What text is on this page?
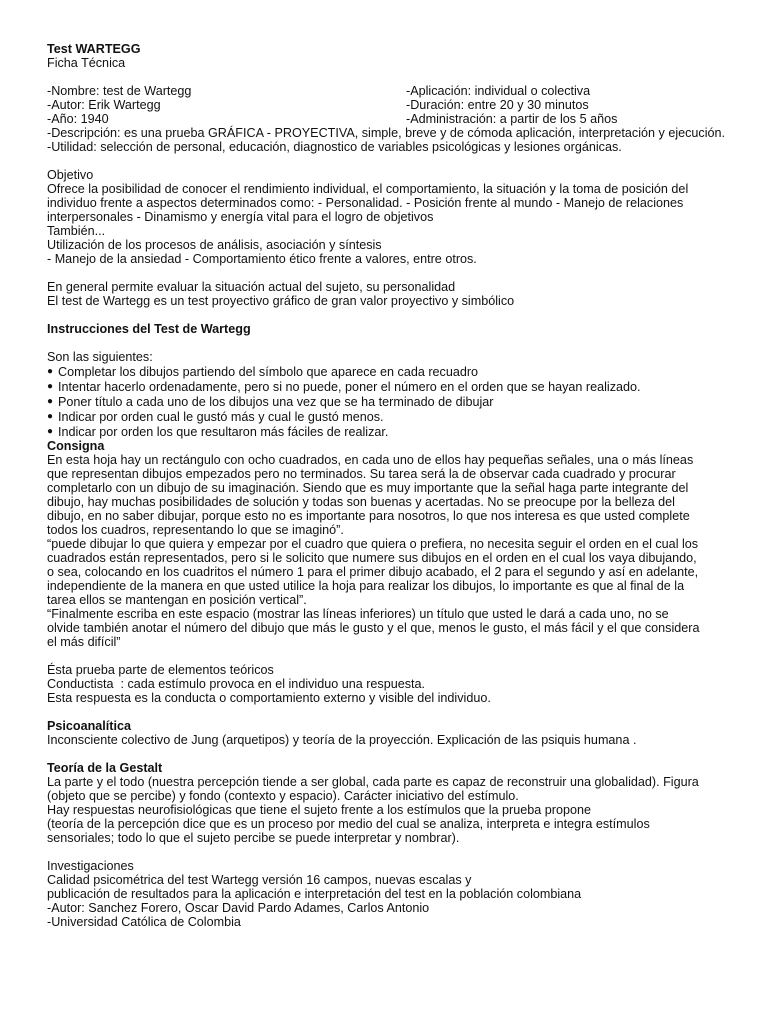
Test WARTEGG
Ficha Técnica
-Nombre: test de Wartegg	-Aplicación: individual o colectiva
-Autor: Erik Wartegg	-Duración: entre 20 y 30 minutos
-Año: 1940	-Administración: a partir de los 5 años
-Descripción: es una prueba GRÁFICA - PROYECTIVA, simple, breve y de cómoda aplicación, interpretación y ejecución.
-Utilidad: selección de personal, educación, diagnostico de variables psicológicas y lesiones orgánicas.
Objetivo
Ofrece la posibilidad de conocer el rendimiento individual, el comportamiento, la situación y la toma de posición del
individuo frente a aspectos determinados como: - Personalidad. - Posición frente al mundo - Manejo de relaciones
interpersonales - Dinamismo y energía vital para el logro de objetivos
También...
Utilización de los procesos de análisis, asociación y síntesis
- Manejo de la ansiedad - Comportamiento ético frente a valores, entre otros.
En general permite evaluar la situación actual del sujeto, su personalidad
El test de Wartegg es un test proyectivo gráfico de gran valor proyectivo y simbólico
Instrucciones del Test de Wartegg
Son las siguientes:
● Completar los dibujos partiendo del símbolo que aparece en cada recuadro
● Intentar hacerlo ordenadamente, pero si no puede, poner el número en el orden que se hayan realizado.
● Poner título a cada uno de los dibujos una vez que se ha terminado de dibujar
● Indicar por orden cual le gustó más y cual le gustó menos.
● Indicar por orden los que resultaron más fáciles de realizar.
Consigna
En esta hoja hay un rectángulo con ocho cuadrados, en cada uno de ellos hay pequeñas señales, una o más líneas
que representan dibujos empezados pero no terminados. Su tarea será la de observar cada cuadrado y procurar
completarlo con un dibujo de su imaginación. Siendo que es muy importante que la señal haga parte integrante del
dibujo, hay muchas posibilidades de solución y todas son buenas y acertadas. No se preocupe por la belleza del
dibujo, en no saber dibujar, porque esto no es importante para nosotros, lo que nos interesa es que usted complete
todos los cuadros, representando lo que se imaginó”.
“puede dibujar lo que quiera y empezar por el cuadro que quiera o prefiera, no necesita seguir el orden en el cual los
cuadrados están representados, pero si le solicito que numere sus dibujos en el orden en el cual los vaya dibujando,
o sea, colocando en los cuadritos el número 1 para el primer dibujo acabado, el 2 para el segundo y así en adelante,
independiente de la manera en que usted utilice la hoja para realizar los dibujos, lo importante es que al final de la
tarea ellos se mantengan en posición vertical”.
“Finalmente escriba en este espacio (mostrar las líneas inferiores) un título que usted le dará a cada uno, no se
olvide también anotar el número del dibujo que más le gusto y el que, menos le gusto, el más fácil y el que considera
el más difícil”
Ésta prueba parte de elementos teóricos
Conductista  : cada estímulo provoca en el individuo una respuesta.
Esta respuesta es la conducta o comportamiento externo y visible del individuo.
Psicoanalítica
Inconsciente colectivo de Jung (arquetipos) y teoría de la proyección. Explicación de las psiquis humana .
Teoría de la Gestalt
La parte y el todo (nuestra percepción tiende a ser global, cada parte es capaz de reconstruir una globalidad). Figura
(objeto que se percibe) y fondo (contexto y espacio). Carácter iniciativo del estímulo.
Hay respuestas neurofisiológicas que tiene el sujeto frente a los estímulos que la prueba propone
(teoría de la percepción dice que es un proceso por medio del cual se analiza, interpreta e integra estímulos
sensoriales; todo lo que el sujeto percibe se puede interpretar y nombrar).
Investigaciones
Calidad psicométrica del test Wartegg versión 16 campos, nuevas escalas y
publicación de resultados para la aplicación e interpretación del test en la población colombiana
-Autor: Sanchez Forero, Oscar David Pardo Adames, Carlos Antonio
-Universidad Católica de Colombia
